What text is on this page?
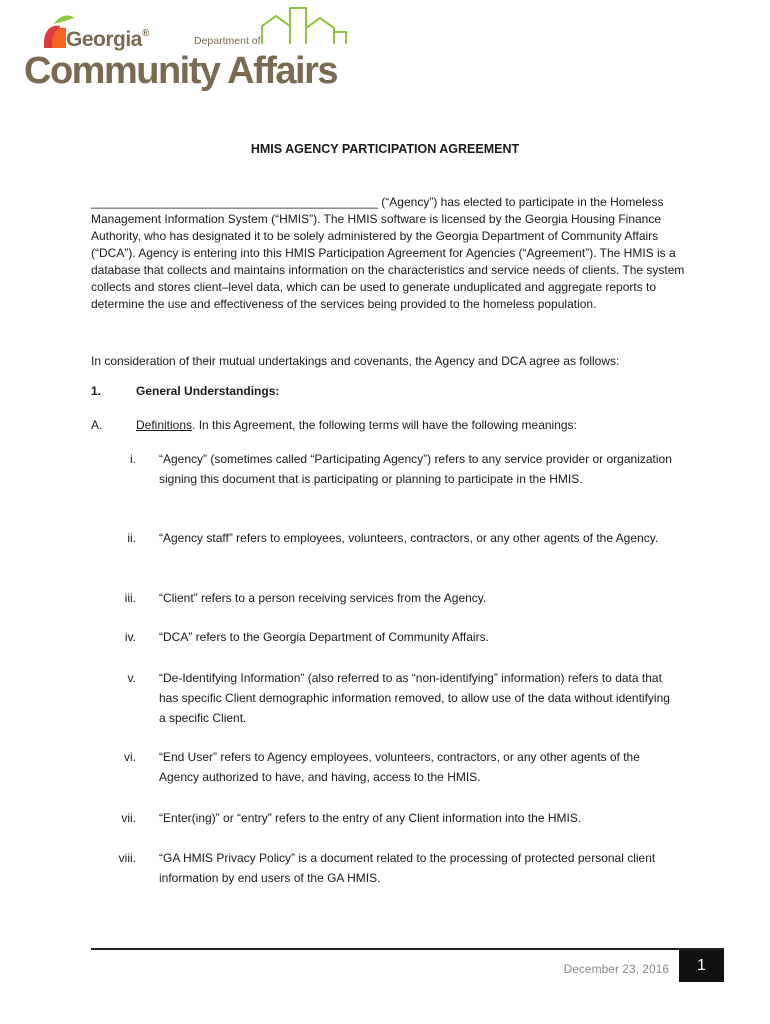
Georgia®
Department of
Community Affairs
HMIS AGENCY PARTICIPATION AGREEMENT
___________________________________________ (“Agency”) has elected to participate in the Homeless Management Information System (“HMIS”). The HMIS software is licensed by the Georgia Housing Finance Authority, who has designated it to be solely administered by the Georgia Department of Community Affairs (“DCA”). Agency is entering into this HMIS Participation Agreement for Agencies (“Agreement”). The HMIS is a database that collects and maintains information on the characteristics and service needs of clients. The system collects and stores client–level data, which can be used to generate unduplicated and aggregate reports to determine the use and effectiveness of the services being provided to the homeless population.
In consideration of their mutual undertakings and covenants, the Agency and DCA agree as follows:
1.	General Understandings:
A.	Definitions. In this Agreement, the following terms will have the following meanings:
i. “Agency” (sometimes called “Participating Agency”) refers to any service provider or organization signing this document that is participating or planning to participate in the HMIS.
ii. “Agency staff” refers to employees, volunteers, contractors, or any other agents of the Agency.
iii. “Client” refers to a person receiving services from the Agency.
iv. “DCA” refers to the Georgia Department of Community Affairs.
v. “De-Identifying Information” (also referred to as “non-identifying” information) refers to data that has specific Client demographic information removed, to allow use of the data without identifying a specific Client.
vi. “End User” refers to Agency employees, volunteers, contractors, or any other agents of the Agency authorized to have, and having, access to the HMIS.
vii. “Enter(ing)” or “entry” refers to the entry of any Client information into the HMIS.
viii. “GA HMIS Privacy Policy” is a document related to the processing of protected personal client information by end users of the GA HMIS.
December 23, 2016	1
